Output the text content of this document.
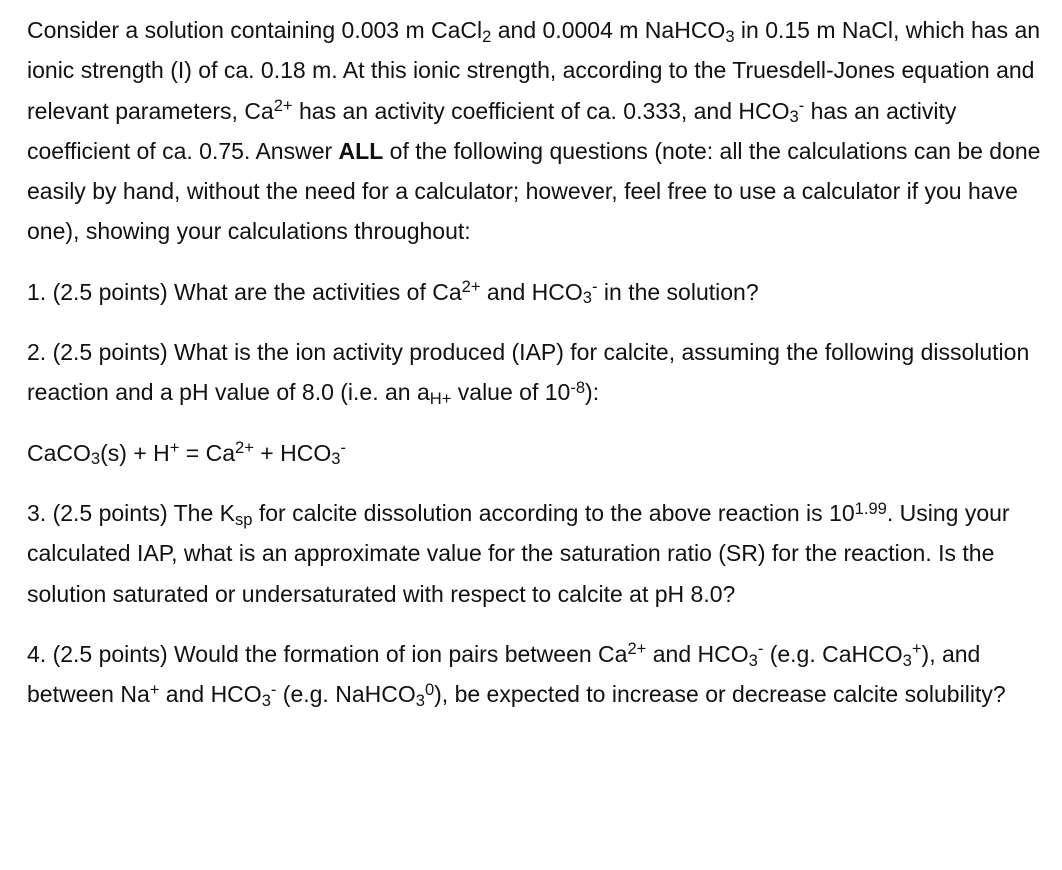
Consider a solution containing 0.003 m CaCl$_2$ and 0.0004 m NaHCO$_3$ in 0.15 m NaCl, which has an ionic strength (I) of ca. 0.18 m. At this ionic strength, according to the Truesdell-Jones equation and relevant parameters, $Ca^{2+}$ has an activity coefficient of ca. 0.333, and $HCO_3^-$ has an activity coefficient of ca. 0.75. Answer ALL of the following questions (note: all the calculations can be done easily by hand, without the need for a calculator; however, feel free to use a calculator if you have one), showing your calculations throughout:

1. (2.5 points) What are the activities of $Ca^{2+}$ and $HCO_3^-$ in the solution?

2. (2.5 points) What is the ion activity produced (IAP) for calcite, assuming the following dissolution reaction and a pH value of 8.0 (i.e. an $a_{H+}$ value of $10^{-8}$):

CaCO$_3$(s) + $H^+ = Ca^{2+} + HCO_3^-$

3. (2.5 points) The $K_{sp}$ for calcite dissolution according to the above reaction is $10^{1.99}$. Using your calculated IAP, what is an approximate value for the saturation ratio (SR) for the reaction. Is the solution saturated or undersaturated with respect to calcite at pH 8.0?

4. (2.5 points) Would the formation of ion pairs between $Ca^{2+}$ and $HCO_3^-$ (e.g. CaHCO$_3$+), and between Na+ and $HCO_3^-$ (e.g. NaHCO$_3^0$), be expected to increase or decrease calcite solubility?
